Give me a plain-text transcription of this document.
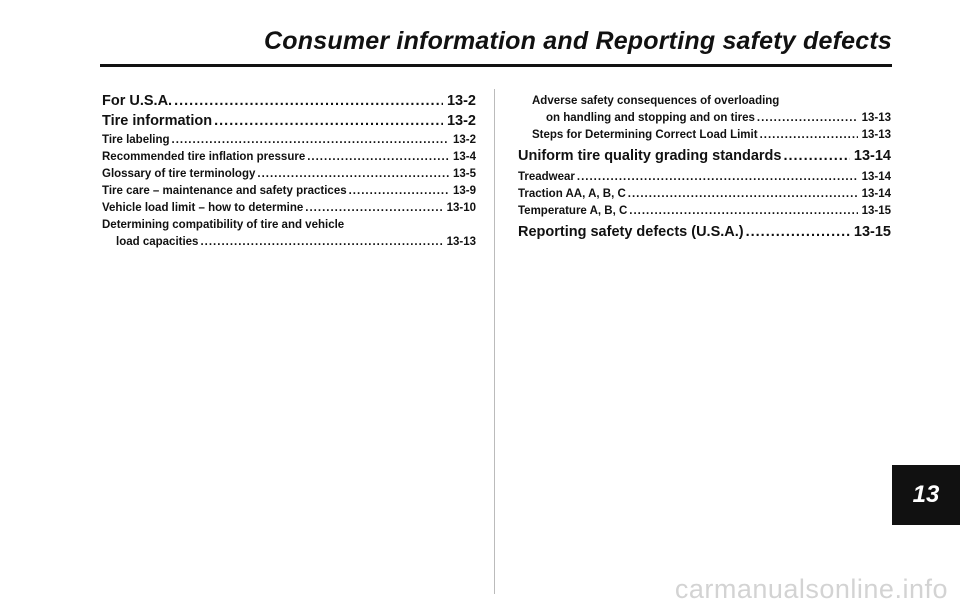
Consumer information and Reporting safety defects
For U.S.A. .....	13-2
Tire information .....	13-2
Tire labeling .....	13-2
Recommended tire inflation pressure .....	13-4
Glossary of tire terminology .....	13-5
Tire care – maintenance and safety practices .....	13-9
Vehicle load limit – how to determine .....	13-10
Determining compatibility of tire and vehicle
load capacities .....	13-13
Adverse safety consequences of overloading
on handling and stopping and on tires .....	13-13
Steps for Determining Correct Load Limit .....	13-13
Uniform tire quality grading standards .....	13-14
Treadwear .....	13-14
Traction AA, A, B, C .....	13-14
Temperature A, B, C .....	13-15
Reporting safety defects (U.S.A.) .....	13-15
13
carmanualsonline.info
